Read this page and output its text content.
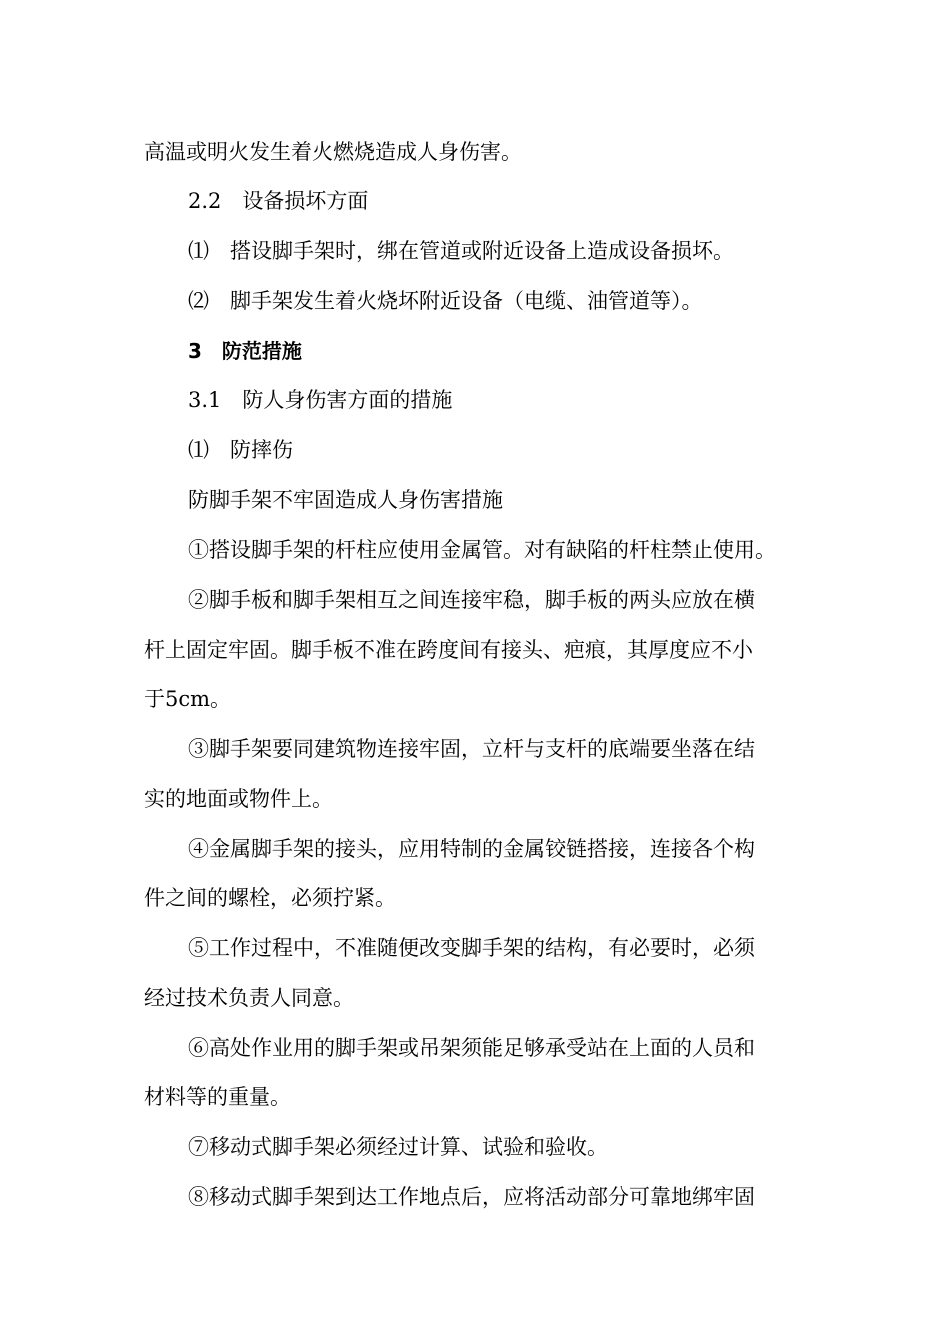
高温或明火发生着火燃烧造成人身伤害。
2.2　设备损坏方面
⑴　搭设脚手架时，绑在管道或附近设备上造成设备损坏。
⑵　脚手架发生着火烧坏附近设备（电缆、油管道等）。
3　防范措施
3.1　防人身伤害方面的措施
⑴　防摔伤
防脚手架不牢固造成人身伤害措施
①搭设脚手架的杆柱应使用金属管。对有缺陷的杆柱禁止使用。
②脚手板和脚手架相互之间连接牢稳，脚手板的两头应放在横
杆上固定牢固。脚手板不准在跨度间有接头、疤痕，其厚度应不小
于5cm。
③脚手架要同建筑物连接牢固，立杆与支杆的底端要坐落在结
实的地面或物件上。
④金属脚手架的接头，应用特制的金属铰链搭接，连接各个构
件之间的螺栓，必须拧紧。
⑤工作过程中，不准随便改变脚手架的结构，有必要时，必须
经过技术负责人同意。
⑥高处作业用的脚手架或吊架须能足够承受站在上面的人员和
材料等的重量。
⑦移动式脚手架必须经过计算、试验和验收。
⑧移动式脚手架到达工作地点后，应将活动部分可靠地绑牢固
